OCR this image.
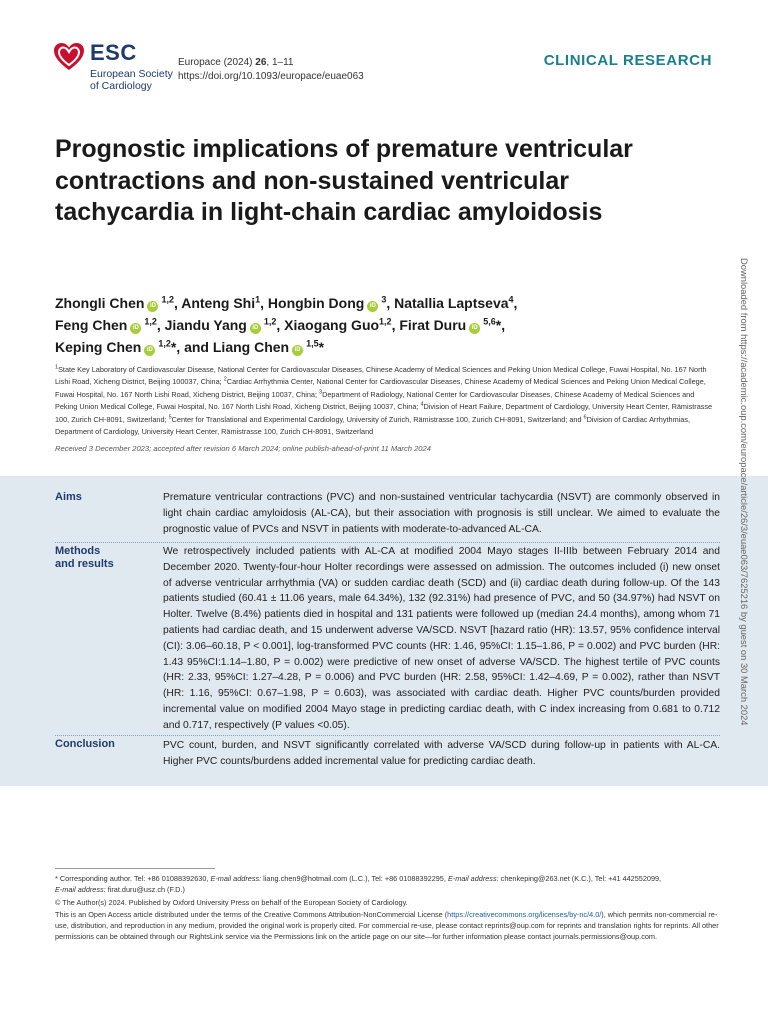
ESC
European Society
of Cardiology
Europace (2024) 26, 1–11
https://doi.org/10.1093/europace/euae063
CLINICAL RESEARCH
Prognostic implications of premature ventricular contractions and non-sustained ventricular tachycardia in light-chain cardiac amyloidosis
Zhongli Chen iD$^{1,2}$, Anteng Shi$^1$, Hongbin Dong $iD^3$, Natallia Laptseva$^4$,
Feng Chen iD$^{1,2}$, Jiandu Yang iD$^{1,2}$, Xiaogang Guo$^{1,2}$, Firat Duru iD$^{5,6}$*,
Keping Chen iD$^{1,2}$*, and Liang Chen iD$^{1,5}$*

$^1$State Key Laboratory of Cardiovascular Disease, National Center for Cardiovascular Diseases, Chinese Academy of Medical Sciences and Peking Union Medical College, Fuwai Hospital, No. 167 North Lishi Road, Xicheng District, Beijing 100037, China; $^2$Cardiac Arrhythmia Center, National Center for Cardiovascular Diseases, Chinese Academy of Medical Sciences and Peking Union Medical College, Fuwai Hospital, No. 167 North Lishi Road, Xicheng District, Beijing 10037, China; $^3$Department of Radiology, National Center for Cardiovascular Diseases, Chinese Academy of Medical Sciences and Peking Union Medical College, Fuwai Hospital, No. 167 North Lishi Road, Xicheng District, Beijing 10037, China; $^4$Division of Heart Failure, Department of Cardiology, University Heart Center, Rämistrasse 100, Zurich CH-8091, Switzerland; $^5$Center for Translational and Experimental Cardiology, University of Zurich, Rämistrasse 100, Zurich CH-8091, Switzerland; and $^6$Division of Cardiac Arrhythmias, Department of Cardiology, University Heart Center, Rämistrasse 100, Zurich CH-8091, Switzerland

Received 3 December 2023; accepted after revision 6 March 2024; online publish-ahead-of-print 11 March 2024
Aims	Premature ventricular contractions (PVC) and non-sustained ventricular tachycardia (NSVT) are commonly observed in light chain cardiac amyloidosis (AL-CA), but their association with prognosis is still unclear. We aimed to evaluate the prognostic value of PVCs and NSVT in patients with moderate-to-advanced AL-CA.

Methods
and results

We retrospectively included patients with AL-CA at modified 2004 Mayo stages II-IIIb between February 2014 and December 2020. Twenty-four-hour Holter recordings were assessed on admission. The outcomes included (i) new onset of adverse ventricular arrhythmia (VA) or sudden cardiac death (SCD) and (ii) cardiac death during follow-up. Of the 143 patients studied (60.41 ± 11.06 years, male 64.34%), 132 (92.31%) had presence of PVC, and 50 (34.97%) had NSVT on Holter. Twelve (8.4%) patients died in hospital and 131 patients were followed up (median 24.4 months), among whom 71 patients had cardiac death, and 15 underwent adverse VA/SCD. NSVT [hazard ratio (HR): 13.57, 95% confidence interval (CI): 3.06–60.18, P < 0.001], log-transformed PVC counts (HR: 1.46, 95%CI: 1.15–1.86, P = 0.002) and PVC burden (HR: 1.43 95%CI:1.14–1.80, P = 0.002) were predictive of new onset of adverse VA/SCD. The highest tertile of PVC counts (HR: 2.33, 95%CI: 1.27–4.28, P = 0.006) and PVC burden (HR: 2.58, 95%CI: 1.42–4.69, P = 0.002), rather than NSVT (HR: 1.16, 95%CI: 0.67–1.98, P = 0.603), was associated with cardiac death. Higher PVC counts/burden provided incremental value on modified 2004 Mayo stage in predicting cardiac death, with C index increasing from 0.681 to 0.712 and 0.717, respectively (P values <0.05).

Conclusion	PVC count, burden, and NSVT significantly correlated with adverse VA/SCD during follow-up in patients with AL-CA. Higher PVC counts/burdens added incremental value for predicting cardiac death.

Downloaded from https://academic.oup.com/europace/article/26/3/euae063/7625216 by guest on 30 March 2024

* Corresponding author. Tel: +86 01088392630, E-mail address: liang.chen9@hotmail.com (L.C.), Tel: +86 01088392295, E-mail address: chenkeping@263.net (K.C.), Tel: +41 442552099,
E-mail address: firat.duru@usz.ch (F.D.)

© The Author(s) 2024. Published by Oxford University Press on behalf of the European Society of Cardiology.

This is an Open Access article distributed under the terms of the Creative Commons Attribution-NonCommercial License (https://creativecommons.org/licenses/by-nc/4.0/), which permits non-commercial re-use, distribution, and reproduction in any medium, provided the original work is properly cited. For commercial re-use, please contact reprints@oup.com for reprints and translation rights for reprints. All other permissions can be obtained through our RightsLink service via the Permissions link on the article page on our site—for further information please contact journals.permissions@oup.com.
